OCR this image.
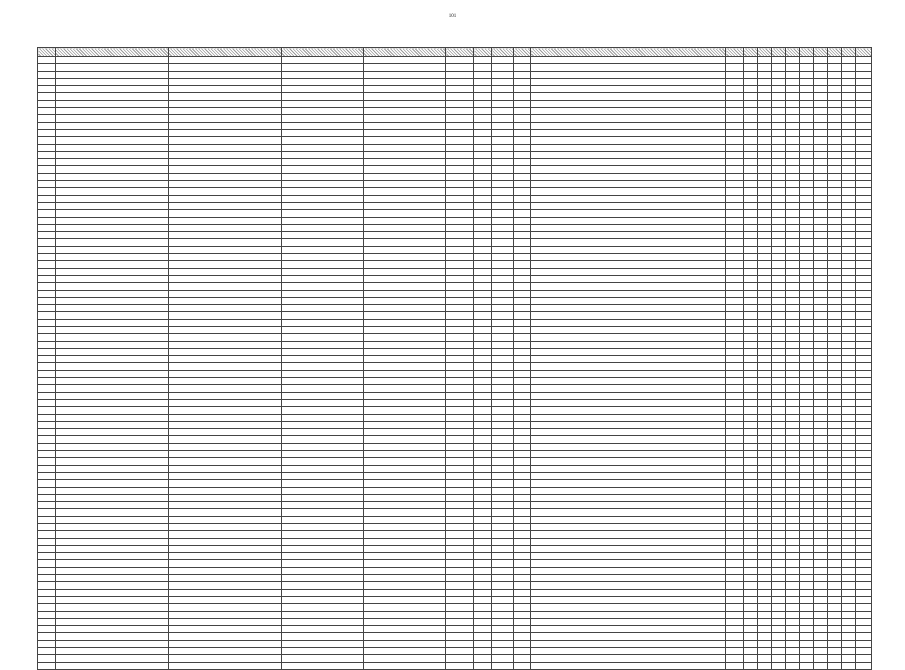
101
